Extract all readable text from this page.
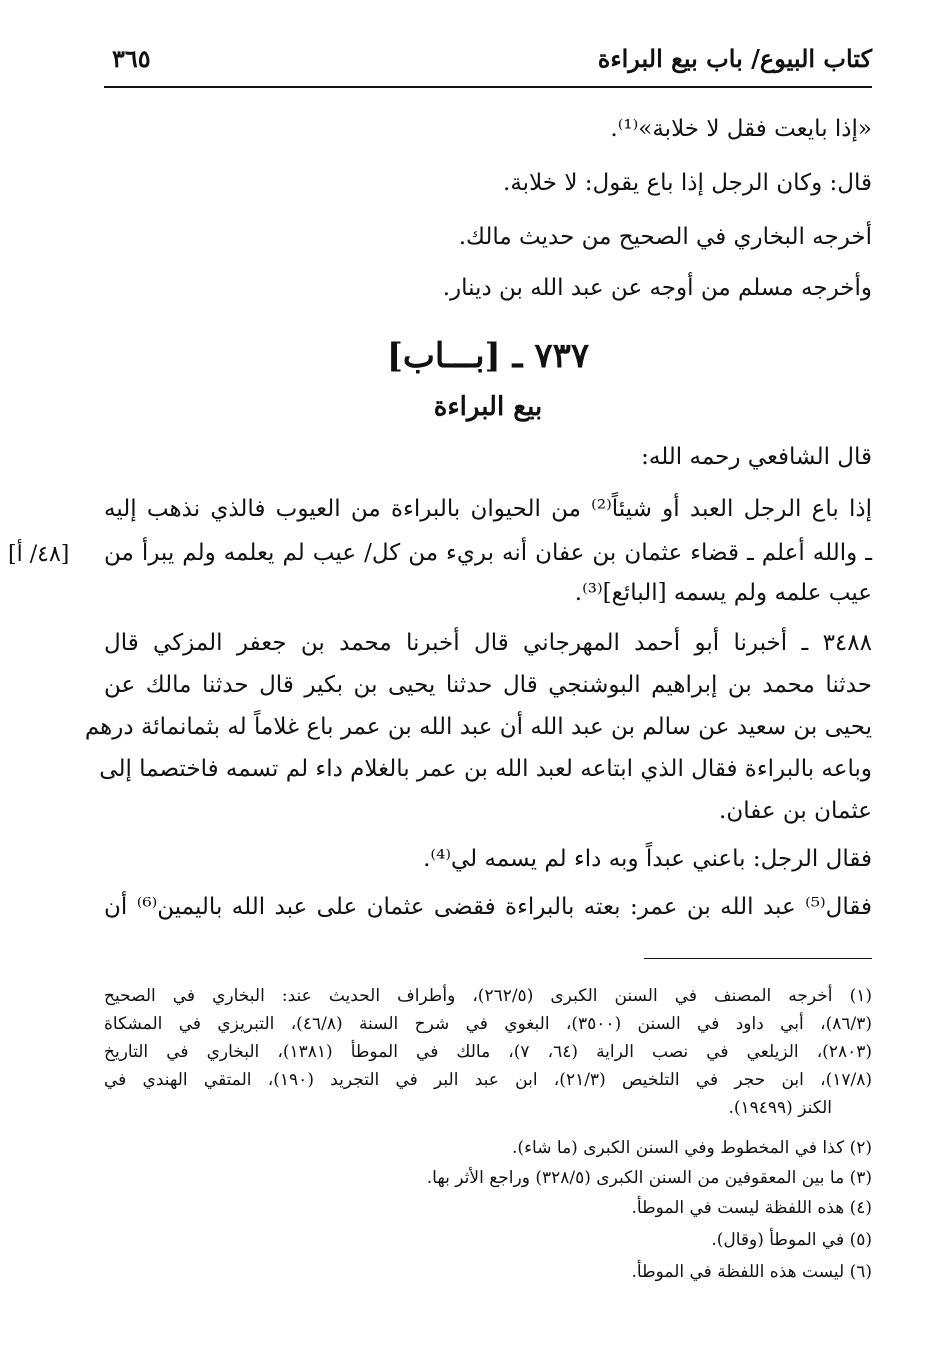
كتاب البيوع/ باب بيع البراءة
٣٦٥
«إذا بايعت فقل لا خلابة»⁽¹⁾.
قال: وكان الرجل إذا باع يقول: لا خلابة.
أخرجه البخاري في الصحيح من حديث مالك.
وأخرجه مسلم من أوجه عن عبد الله بن دينار.
٧٣٧ ـ [بـــاب]
بيع البراءة
قال الشافعي رحمه الله:
إذا باع الرجل العبد أو شيئاً⁽²⁾ من الحيوان بالبراءة من العيوب فالذي نذهب إليه
ـ والله أعلم ـ قضاء عثمان بن عفان أنه بريء من كل/ عيب لم يعلمه ولم يبرأ من
عيب علمه ولم يسمه [البائع]⁽³⁾.
[٤٨/ أ]
٣٤٨٨ ـ أخبرنا أبو أحمد المهرجاني قال أخبرنا محمد بن جعفر المزكي قال
حدثنا محمد بن إبراهيم البوشنجي قال حدثنا يحيى بن بكير قال حدثنا مالك عن
يحيى بن سعيد عن سالم بن عبد الله أن عبد الله بن عمر باع غلاماً له بثمانمائة درهم
وباعه بالبراءة فقال الذي ابتاعه لعبد الله بن عمر بالغلام داء لم تسمه فاختصما إلى
عثمان بن عفان.
فقال الرجل: باعني عبداً وبه داء لم يسمه لي⁽⁴⁾.
فقال⁽⁵⁾ عبد الله بن عمر: بعته بالبراءة فقضى عثمان على عبد الله باليمين⁽⁶⁾ أن
(١) أخرجه المصنف في السنن الكبرى (٢٦٢/٥)، وأطراف الحديث عند: البخاري في الصحيح
(٨٦/٣)، أبي داود في السنن (٣٥٠٠)، البغوي في شرح السنة (٤٦/٨)، التبريزي في المشكاة
(٢٨٠٣)، الزيلعي في نصب الراية (٦٤، ٧)، مالك في الموطأ (١٣٨١)، البخاري في التاريخ
(١٧/٨)، ابن حجر في التلخيص (٢١/٣)، ابن عبد البر في التجريد (١٩٠)، المتقي الهندي في
الكنز (١٩٤٩٩).
(٢) كذا في المخطوط وفي السنن الكبرى (ما شاء).
(٣) ما بين المعقوفين من السنن الكبرى (٣٢٨/٥) وراجع الأثر بها.
(٤) هذه اللفظة ليست في الموطأ.
(٥) في الموطأ (وقال).
(٦) ليست هذه اللفظة في الموطأ.
